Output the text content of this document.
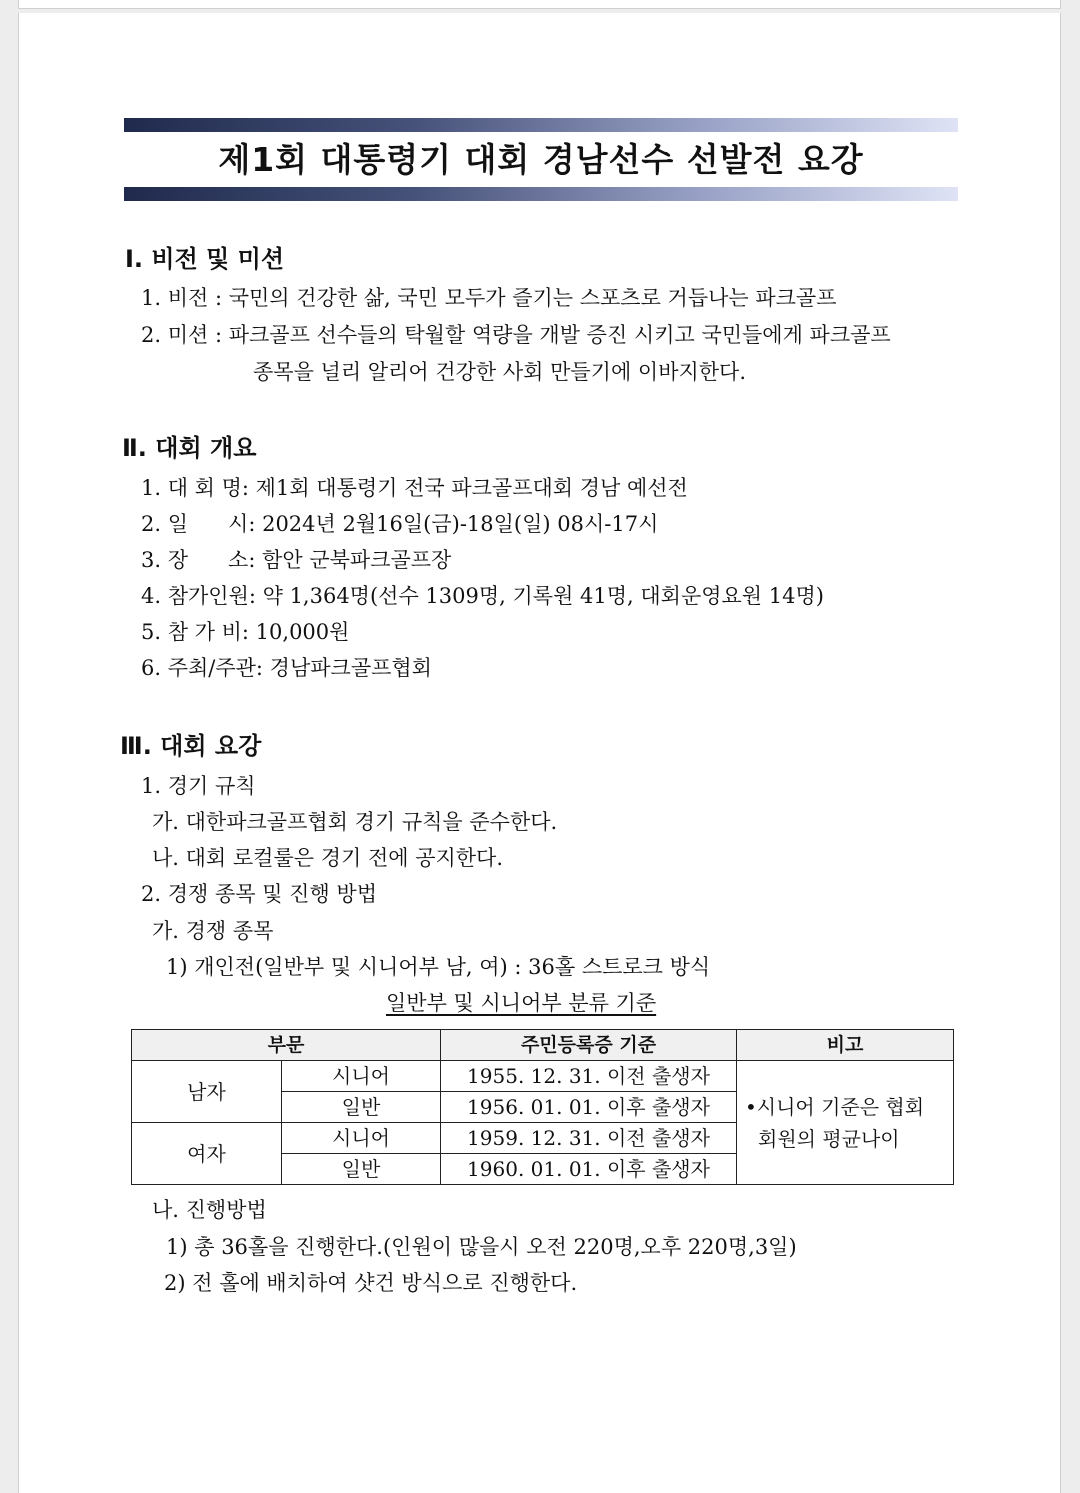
제1회 대통령기 대회 경남선수 선발전 요강
Ⅰ. 비전 및 미션
1. 비전 : 국민의 건강한 삶, 국민 모두가 즐기는 스포츠로 거듭나는 파크골프
2. 미션 : 파크골프 선수들의 탁월할 역량을 개발 증진 시키고 국민들에게 파크골프
종목을 널리 알리어 건강한 사회 만들기에 이바지한다.
Ⅱ. 대회 개요
1. 대 회 명: 제1회 대통령기 전국 파크골프대회 경남 예선전
2. 일      시: 2024년 2월16일(금)-18일(일) 08시-17시
3. 장      소: 함안 군북파크골프장
4. 참가인원: 약 1,364명(선수 1309명, 기록원 41명, 대회운영요원 14명)
5. 참 가 비: 10,000원
6. 주최/주관: 경남파크골프협회
Ⅲ. 대회 요강
1. 경기 규칙
가. 대한파크골프협회 경기 규칙을 준수한다.
나. 대회 로컬룰은 경기 전에 공지한다.
2. 경쟁 종목 및 진행 방법
가. 경쟁 종목
1) 개인전(일반부 및 시니어부 남, 여) : 36홀 스트로크 방식
일반부 및 시니어부 분류 기준
부문		주민등록증 기준	비고
남자	시니어	1955. 12. 31. 이전 출생자	•시니어 기준은 협회
회원의 평균나이

	일반	1956. 01. 01. 이후 출생자	
여자	시니어	1959. 12. 31. 이전 출생자	
	일반	1960. 01. 01. 이후 출생자	
나. 진행방법
1) 총 36홀을 진행한다.(인원이 많을시 오전 220명,오후 220명,3일)
2) 전 홀에 배치하여 샷건 방식으로 진행한다.
